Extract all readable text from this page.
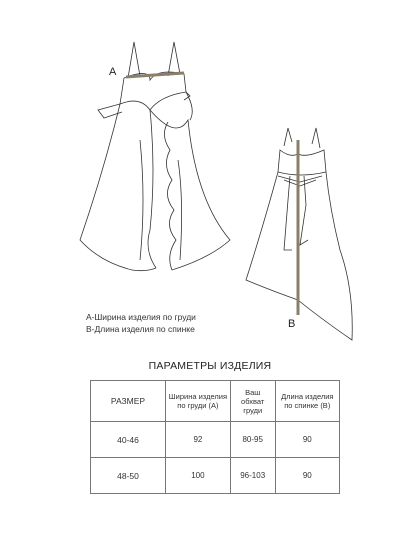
A
B
A-Ширина изделия по груди
B-Длина изделия по спинке
ПАРАМЕТРЫ ИЗДЕЛИЯ
РАЗМЕР	Ширина изделия по груди (А)	Ваш обхват груди	Длина изделия по спинке (В)
40-46	92	80-95	90
48-50	100	96-103	90
